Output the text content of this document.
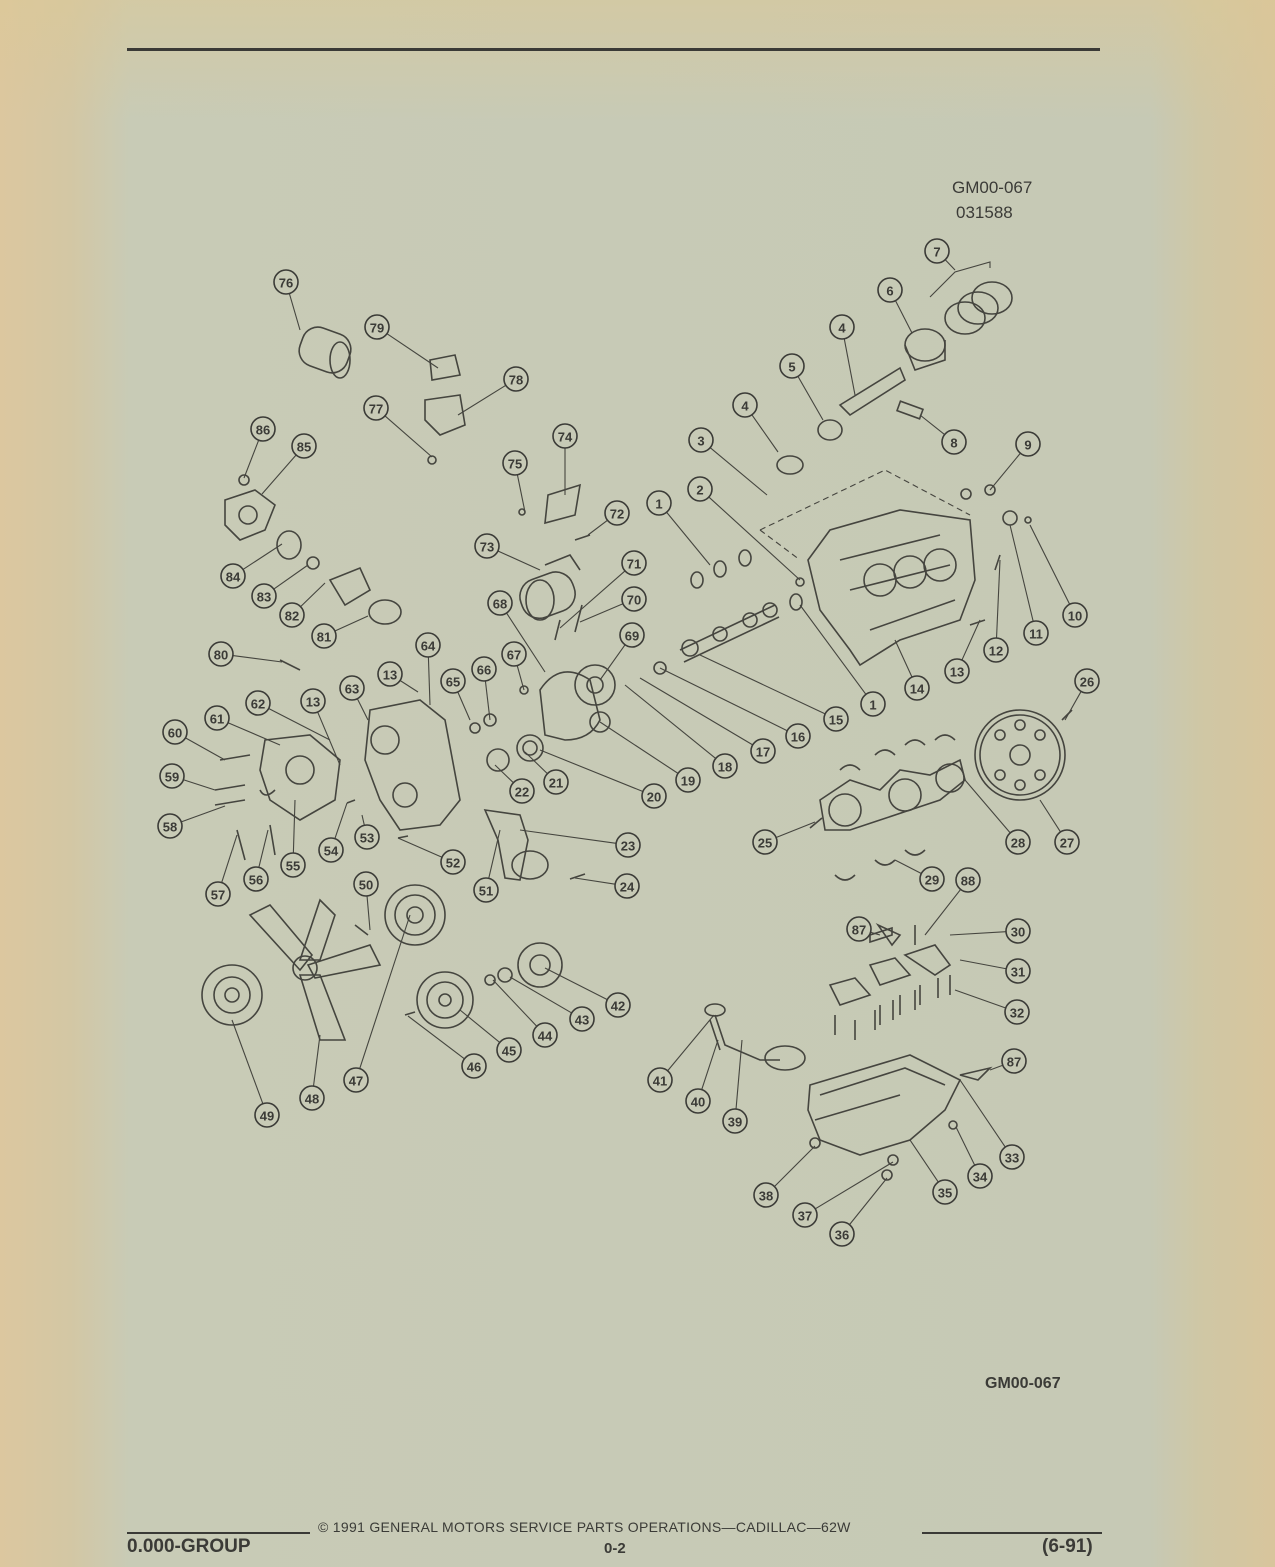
GM00-067
031588
1
1
2
3
4
4
5
6
7
8	9
10
11
12
13
13
13
14
15
16
17
18
19
20
21
22
23
24
25
26
27
28
29
30
31
32
33
34
35
36
37
38
39
40
41
42
43
44
45
46
47
48
49
50	51
52
53
54
55
56
57
58
59
60
61
62
63
64
65
66
67
68
69
70
71
72
73
74
75
76
77
78
79
80
81
82
83
84
85
86
87
87
88
GM00-067
© 1991 GENERAL MOTORS SERVICE PARTS OPERATIONS—CADILLAC—62W
0.000-GROUP	0-2	(6-91)
